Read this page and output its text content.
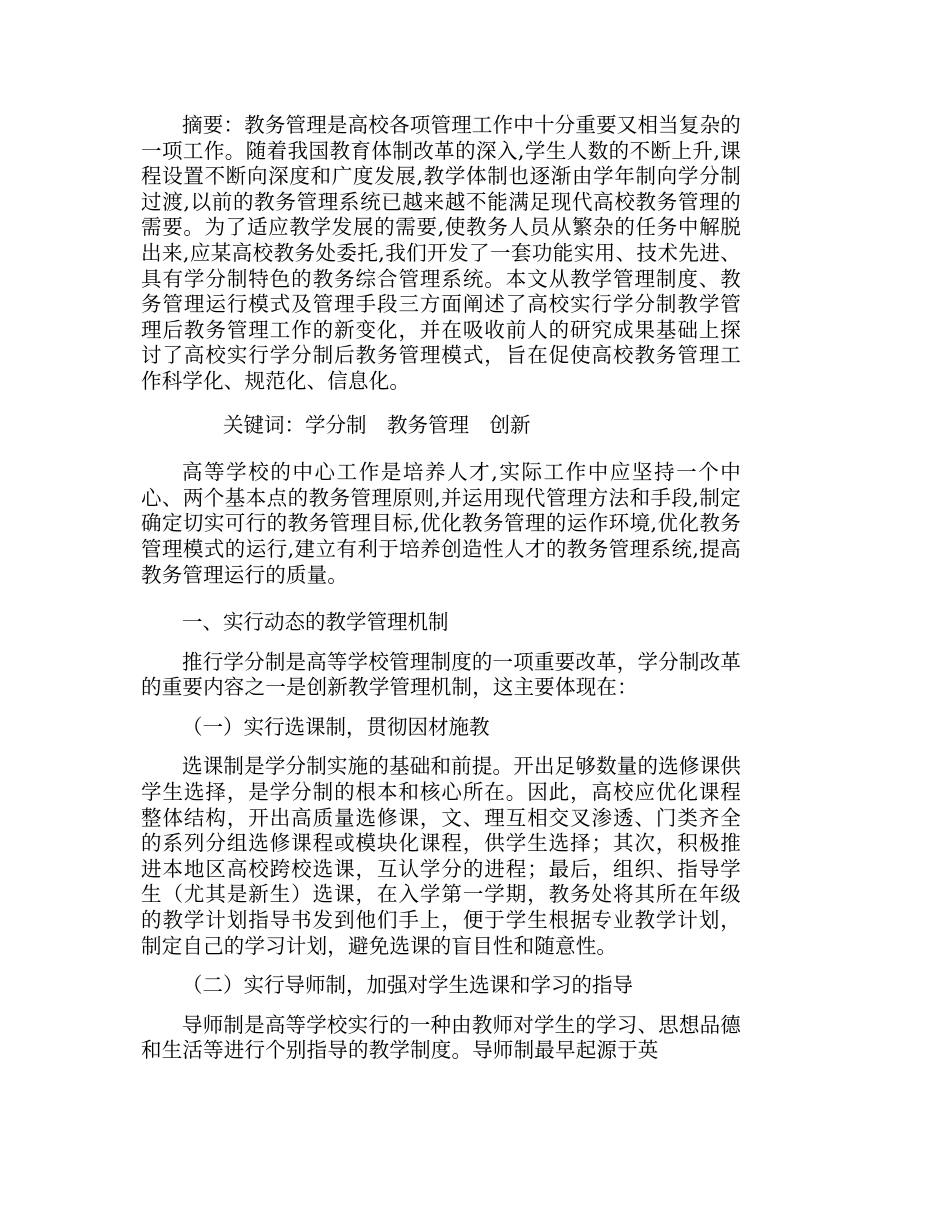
摘要：教务管理是高校各项管理工作中十分重要又相当复杂的一项工作。随着我国教育体制改革的深入,学生人数的不断上升,课程设置不断向深度和广度发展,教学体制也逐渐由学年制向学分制过渡,以前的教务管理系统已越来越不能满足现代高校教务管理的需要。为了适应教学发展的需要,使教务人员从繁杂的任务中解脱出来,应某高校教务处委托,我们开发了一套功能实用、技术先进、具有学分制特色的教务综合管理系统。本文从教学管理制度、教务管理运行模式及管理手段三方面阐述了高校实行学分制教学管理后教务管理工作的新变化，并在吸收前人的研究成果基础上探讨了高校实行学分制后教务管理模式，旨在促使高校教务管理工作科学化、规范化、信息化。

关键词：学分制　教务管理　创新

高等学校的中心工作是培养人才,实际工作中应坚持一个中心、两个基本点的教务管理原则,并运用现代管理方法和手段,制定确定切实可行的教务管理目标,优化教务管理的运作环境,优化教务管理模式的运行,建立有利于培养创造性人才的教务管理系统,提高教务管理运行的质量。

一、实行动态的教学管理机制

推行学分制是高等学校管理制度的一项重要改革，学分制改革的重要内容之一是创新教学管理机制，这主要体现在：

（一）实行选课制，贯彻因材施教

选课制是学分制实施的基础和前提。开出足够数量的选修课供学生选择，是学分制的根本和核心所在。因此，高校应优化课程整体结构，开出高质量选修课，文、理互相交叉渗透、门类齐全的系列分组选修课程或模块化课程，供学生选择；其次，积极推进本地区高校跨校选课，互认学分的进程；最后，组织、指导学生（尤其是新生）选课，在入学第一学期，教务处将其所在年级的教学计划指导书发到他们手上，便于学生根据专业教学计划，制定自己的学习计划，避免选课的盲目性和随意性。

（二）实行导师制，加强对学生选课和学习的指导

导师制是高等学校实行的一种由教师对学生的学习、思想品德和生活等进行个别指导的教学制度。导师制最早起源于英
